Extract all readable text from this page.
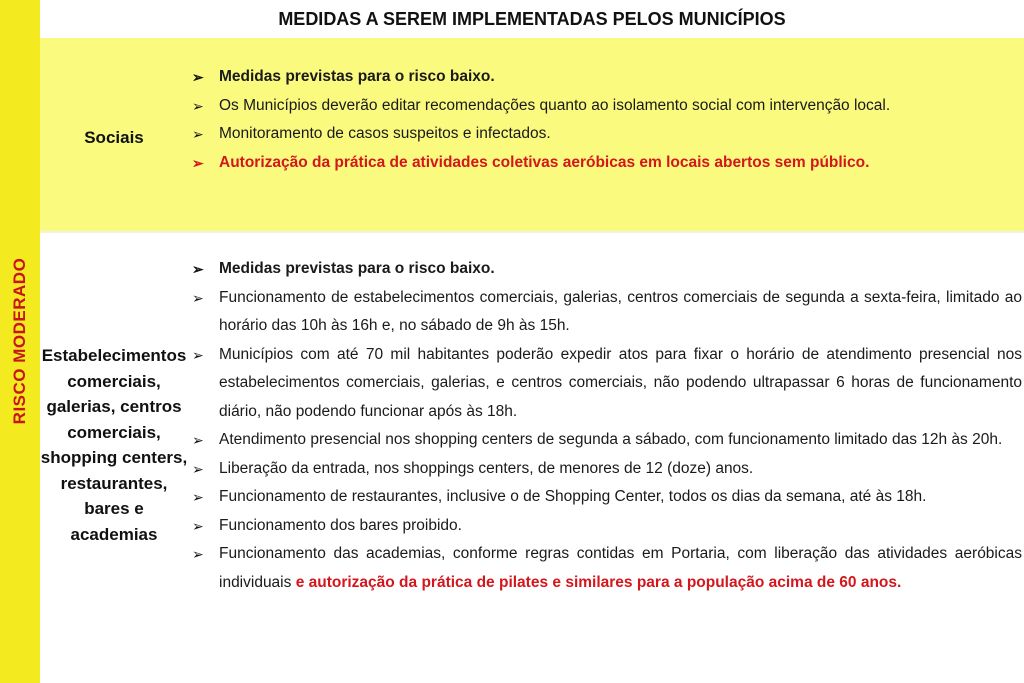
RISCO MODERADO
MEDIDAS A SEREM IMPLEMENTADAS PELOS MUNICÍPIOS
Sociais
➢ Medidas previstas para o risco baixo.
➢ Os Municípios deverão editar recomendações quanto ao isolamento social com intervenção local.
➢ Monitoramento de casos suspeitos e infectados.
➢ Autorização da prática de atividades coletivas aeróbicas em locais abertos sem público.
Estabelecimentos comerciais, galerias, centros comerciais, shopping centers, restaurantes, bares e academias
➢ Medidas previstas para o risco baixo.
➢ Funcionamento de estabelecimentos comerciais, galerias, centros comerciais de segunda a sexta-feira, limitado ao horário das 10h às 16h e, no sábado de 9h às 15h.
➢ Municípios com até 70 mil habitantes poderão expedir atos para fixar o horário de atendimento presencial nos estabelecimentos comerciais, galerias, e centros comerciais, não podendo ultrapassar 6 horas de funcionamento diário, não podendo funcionar após às 18h.
➢ Atendimento presencial nos shopping centers de segunda a sábado, com funcionamento limitado das 12h às 20h.
➢ Liberação da entrada, nos shoppings centers, de menores de 12 (doze) anos.
➢ Funcionamento de restaurantes, inclusive o de Shopping Center, todos os dias da semana, até às 18h.
➢ Funcionamento dos bares proibido.
➢ Funcionamento das academias, conforme regras contidas em Portaria, com liberação das atividades aeróbicas individuais e autorização da prática de pilates e similares para a população acima de 60 anos.
